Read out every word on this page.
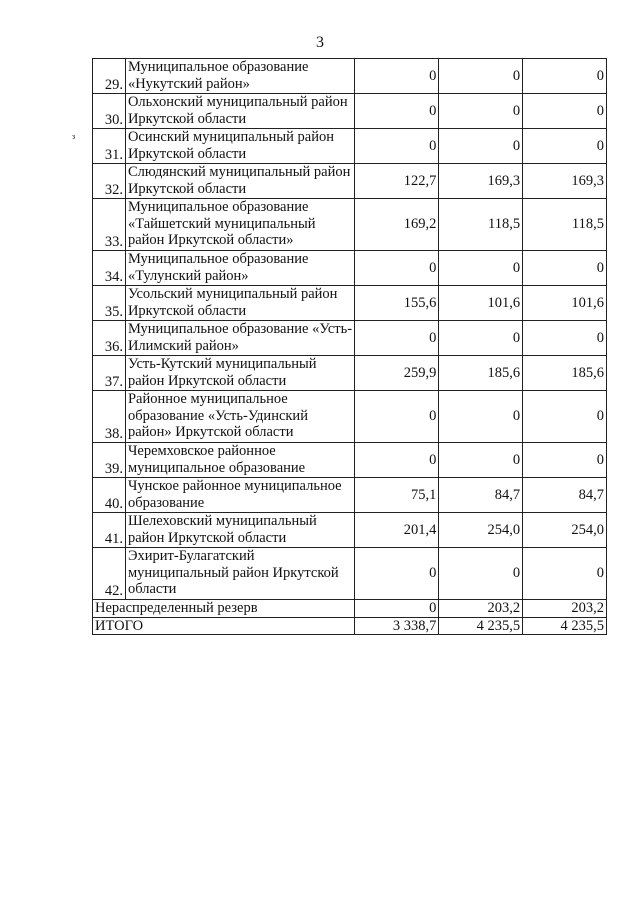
3
з
29.	Муниципальное образование «Нукутский район»	0	0	0
30.	Ольхонский муниципальный район Иркутской области	0	0	0
31.	Осинский муниципальный район Иркутской области	0	0	0
32.	Слюдянский муниципальный район Иркутской области	122,7	169,3	169,3
33.	Муниципальное образование «Тайшетский муниципальный район Иркутской области»	169,2	118,5	118,5
34.	Муниципальное образование «Тулунский район»	0	0	0
35.	Усольский муниципальный район Иркутской области	155,6	101,6	101,6
36.	Муниципальное образование «Усть-Илимский район»	0	0	0
37.	Усть-Кутский муниципальный район Иркутской области	259,9	185,6	185,6
38.	Районное муниципальное образование «Усть-Удинский район» Иркутской области	0	0	0
39.	Черемховское районное муниципальное образование	0	0	0
40.	Чунское районное муниципальное образование	75,1	84,7	84,7
41.	Шелеховский муниципальный район Иркутской области	201,4	254,0	254,0
42.	Эхирит-Булагатский муниципальный район Иркутской области	0	0	0
Нераспределенный резерв		0	203,2	203,2
ИТОГО		3 338,7	4 235,5	4 235,5
